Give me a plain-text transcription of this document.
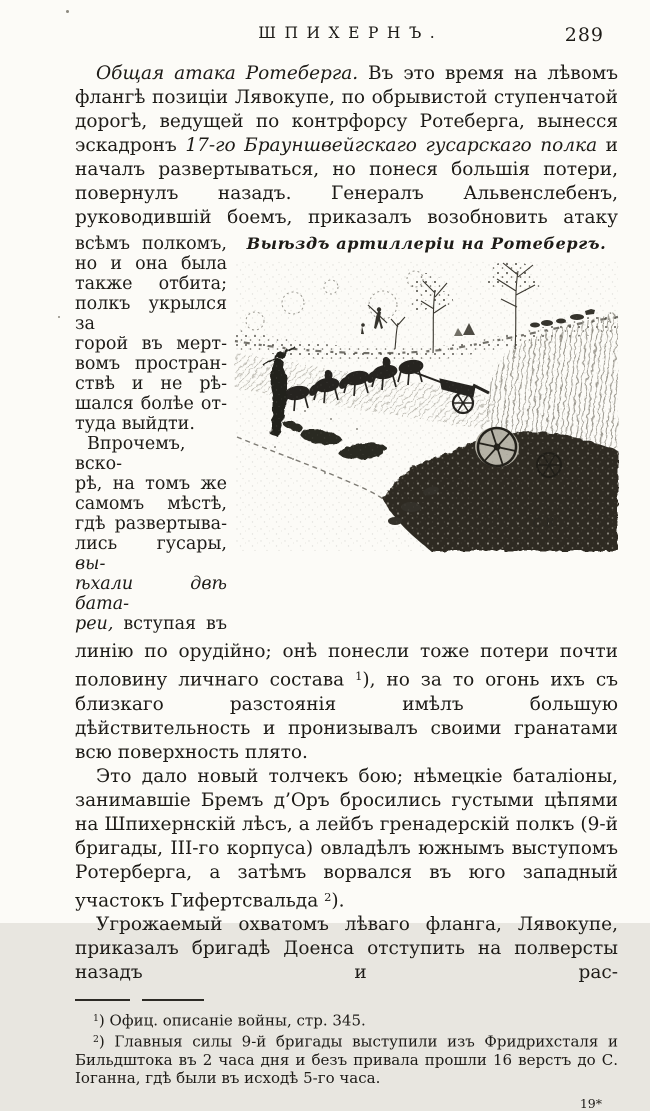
ШПИХЕРНЪ.	289
Общая атака Ротеберга. Въ это время на лѣвомъ флангѣ позиціи Лявокупе, по обрывистой ступенчатой дорогѣ, ведущей по контрфорсу Ротеберга, вынесся эскадронъ 17-го Брауншвейгскаго гусарскаго полка и началъ развертываться, но понеся большія потери, повернулъ назадъ. Генералъ Альвенслебенъ, руководившій боемъ, приказалъ возобновить атаку
всѣмъ полкомъ,
но и она была
также отбита;
полкъ укрылся за
горой въ мерт-
вомъ простран-
ствѣ и не рѣ-
шался болѣе от-
туда выйдти.
Впрочемъ, вско-
рѣ, на томъ же
самомъ мѣстѣ,
гдѣ развертыва-
лись гусары, вы-
ѣхали двѣ бата-
реи, вступая въ
Выѣздъ артиллеріи на Ротебергъ.
C.R.
линію по орудійно; онѣ понесли тоже потери почти половину личнаго состава $^1$), но за то огонь ихъ съ близкаго разстоянія имѣлъ большую дѣйствительность и пронизывалъ своими гранатами всю поверхность плято.
Это дало новый толчекъ бою; нѣмецкіе баталіоны, занимавшіе Бремъ д’Оръ бросились густыми цѣпями на Шпихернскій лѣсъ, а лейбъ гренадерскій полкъ (9-й бригады, III-го корпуса) овладѣлъ южнымъ выступомъ Ротерберга, а затѣмъ ворвался въ юго западный участокъ Гифертсвальда $^2$).
Угрожаемый охватомъ лѣваго фланга, Лявокупе, приказалъ бригадѣ Доенса отступить на полверсты назадъ и рас-
$^1$) Офиц. описаніе войны, стр. 345.
$^2$) Главныя силы 9-й бригады выступили изъ Фридрихсталя и Бильдштока въ 2 часа дня и безъ привала прошли 16 верстъ до С. Іоганна, гдѣ были въ исходѣ 5-го часа.
19*
